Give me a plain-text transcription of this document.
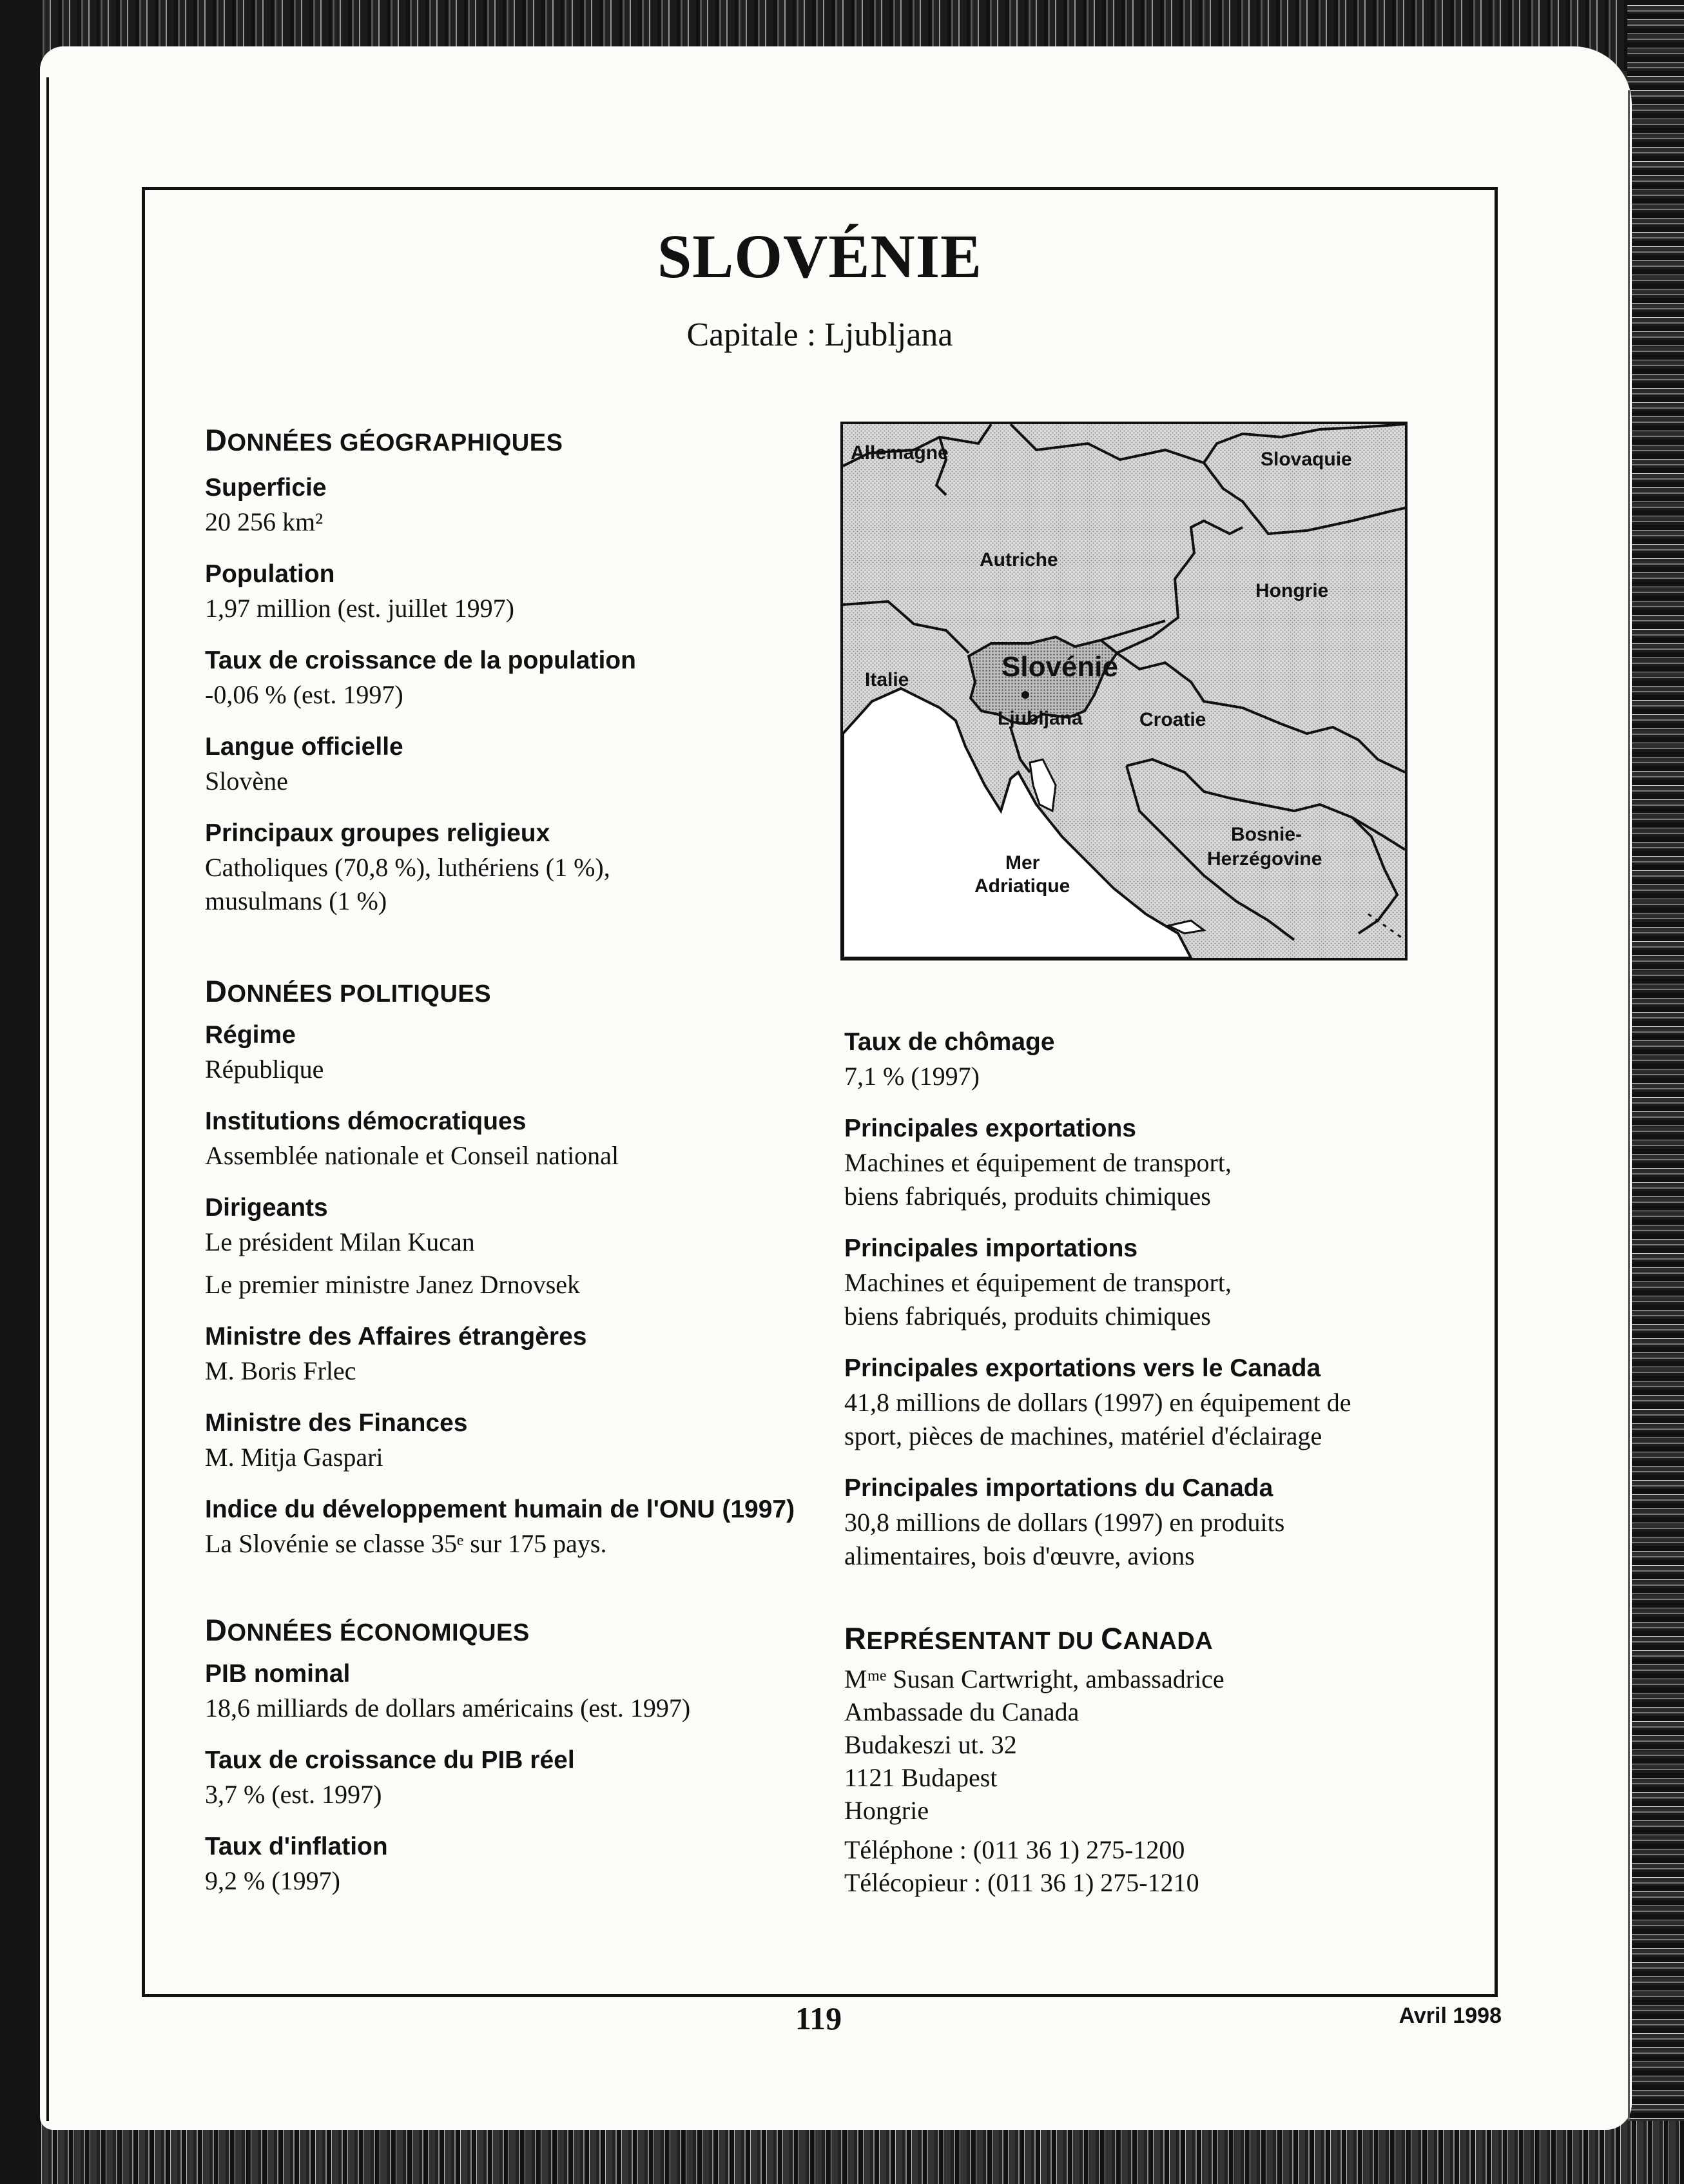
SLOVÉNIE
Capitale : Ljubljana
DONNÉES GÉOGRAPHIQUES

Superficie

20 256 km²

Population

1,97 million (est. juillet 1997)

Taux de croissance de la population

-0,06 % (est. 1997)

Langue officielle

Slovène

Principaux groupes religieux

Catholiques (70,8 %), luthériens (1 %),

musulmans (1 %)

DONNÉES POLITIQUES

Régime

République

Institutions démocratiques

Assemblée nationale et Conseil national

Dirigeants

Le président Milan Kucan

Le premier ministre Janez Drnovsek

Ministre des Affaires étrangères

M. Boris Frlec

Ministre des Finances

M. Mitja Gaspari

Indice du développement humain de l'ONU (1997)

La Slovénie se classe 35ᵉ sur 175 pays.

DONNÉES ÉCONOMIQUES

PIB nominal

18,6 milliards de dollars américains (est. 1997)

Taux de croissance du PIB réel

3,7 % (est. 1997)

Taux d'inflation

9,2 % (1997)

Allemagne	Slovaquie
Autriche
Hongrie
Italie	Slovénie
Ljubljana	Croatie
Bosnie-
Herzégovine
Mer
Adriatique

Taux de chômage

7,1 % (1997)

Principales exportations

Machines et équipement de transport,

biens fabriqués, produits chimiques

Principales importations

Machines et équipement de transport,

biens fabriqués, produits chimiques

Principales exportations vers le Canada

41,8 millions de dollars (1997) en équipement de

sport, pièces de machines, matériel d'éclairage

Principales importations du Canada

30,8 millions de dollars (1997) en produits

alimentaires, bois d'œuvre, avions

REPRÉSENTANT DU CANADA

Mᵐᵉ Susan Cartwright, ambassadrice

Ambassade du Canada

Budakeszi ut. 32

1121 Budapest

Hongrie

Téléphone : (011 36 1) 275-1200

Télécopieur : (011 36 1) 275-1210

119	Avril 1998
